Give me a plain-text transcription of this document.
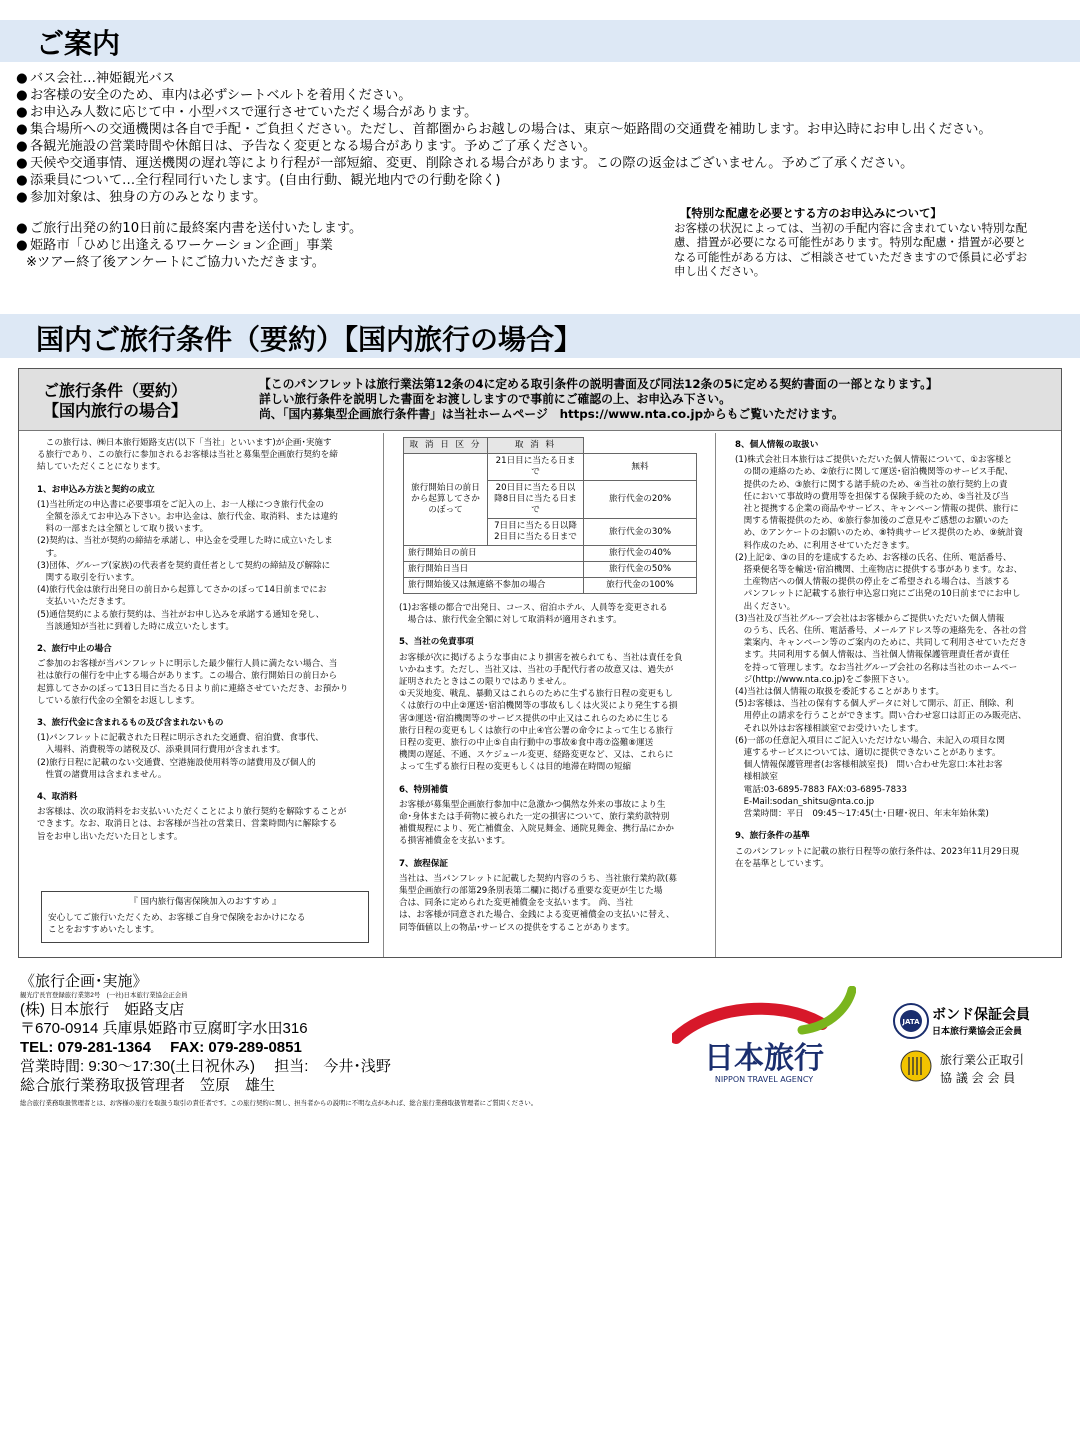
ご案内
● バス会社…神姫観光バス
● お客様の安全のため、車内は必ずシートベルトを着用ください。
● お申込み人数に応じて中・小型バスで運行させていただく場合があります。
● 集合場所への交通機関は各自で手配・ご負担ください。ただし、首都圏からお越しの場合は、東京～姫路間の交通費を補助します。お申込時にお申し出ください。
● 各観光施設の営業時間や休館日は、予告なく変更となる場合があります。予めご了承ください。
● 天候や交通事情、運送機関の遅れ等により行程が一部短縮、変更、削除される場合があります。この際の返金はございません。予めご了承ください。
● 添乗員について…全行程同行いたします。(自由行動、観光地内での行動を除く)
● 参加対象は、独身の方のみとなります。
● ご旅行出発の約10日前に最終案内書を送付いたします。
● 姫路市「ひめじ出逢えるワーケーション企画」事業
※ツアー終了後アンケートにご協力いただきます。
【特別な配慮を必要とする方のお申込みについて】
お客様の状況によっては、当初の手配内容に含まれていない特別な配
慮、措置が必要になる可能性があります。特別な配慮・措置が必要と
なる可能性がある方は、ご相談させていただきますので係員に必ずお
申し出ください。
国内ご旅行条件（要約）【国内旅行の場合】
ご旅行条件（要約）
【国内旅行の場合】
【このパンフレットは旅行業法第12条の4に定める取引条件の説明書面及び同法12条の5に定める契約書面の一部となります。】
詳しい旅行条件を説明した書面をお渡ししますので事前にご確認の上、お申込み下さい。
尚、「国内募集型企画旅行条件書」は当社ホームページ　https://www.nta.co.jpからもご覧いただけます。
　この旅行は、㈱日本旅行姫路支店(以下「当社」といいます)が企画･実施す
る旅行であり、この旅行に参加されるお客様は当社と募集型企画旅行契約を締
結していただくことになります。

1、お申込み方法と契約の成立

(1)当社所定の申込書に必要事項をご記入の上、お一人様につき旅行代金の
　全額を添えてお申込み下さい。お申込金は、旅行代金、取消料、または違約
　料の一部または全額として取り扱います。
(2)契約は、当社が契約の締結を承諾し、申込金を受理した時に成立いたしま
　す。
(3)団体、グループ(家族)の代表者を契約責任者として契約の締結及び解除に
　関する取引を行います。
(4)旅行代金は旅行出発日の前日から起算してさかのぼって14日前までにお
　支払いいただきます。
(5)通信契約による旅行契約は、当社がお申し込みを承諾する通知を発し、
　当該通知が当社に到着した時に成立いたします。

2、旅行中止の場合

ご参加のお客様が当パンフレットに明示した最少催行人員に満たない場合、当
社は旅行の催行を中止する場合があります。この場合、旅行開始日の前日から
起算してさかのぼって13日目に当たる日より前に連絡させていただき、お預かり
している旅行代金の全額をお返しします。

3、旅行代金に含まれるもの及び含まれないもの

(1)パンフレットに記載された日程に明示された交通費、宿泊費、食事代、
　入場料、消費税等の諸税及び、添乗員同行費用が含まれます。
(2)旅行日程に記載のない交通費、空港施設使用料等の諸費用及び個人的
　性質の諸費用は含まれません。

4、取消料

お客様は、次の取消料をお支払いいただくことにより旅行契約を解除することが
できます。なお、取消日とは、お客様が当社の営業日、営業時間内に解除する
旨をお申し出いただいた日とします。
『 国内旅行傷害保険加入のおすすめ 』
安心してご旅行いただくため、お客様ご自身で保険をおかけになる
ことをおすすめいたします。
取 消 日 区 分	取 消 料	
旅行開始日の前日から起算してさかのぼって	21日目に当たる日まで	無料
	20日目に当たる日以降8日目に当たる日まで	旅行代金の20%
	7日目に当たる日以降2日目に当たる日まで	旅行代金の30%
旅行開始日の前日		旅行代金の40%
旅行開始日当日		旅行代金の50%
旅行開始後又は無連絡不参加の場合		旅行代金の100%
(1)お客様の都合で出発日、コース、宿泊ホテル、人員等を変更される
　場合は、旅行代金全額に対して取消料が適用されます。

5、当社の免責事項

お客様が次に掲げるような事由により損害を被られても、当社は責任を負
いかねます。ただし、当社又は、当社の手配代行者の故意又は、過失が
証明されたときはこの限りではありません。
①天災地変、戦乱、暴動又はこれらのために生ずる旅行日程の変更もし
くは旅行の中止②運送･宿泊機関等の事故もしくは火災により発生する損
害③運送･宿泊機関等のサービス提供の中止又はこれらのために生じる
旅行日程の変更もしくは旅行の中止④官公署の命令によって生じる旅行
日程の変更、旅行の中止⑤自由行動中の事故⑥食中毒⑦盗難⑧運送
機関の遅延、不通、スケジュール変更、経路変更など、又は、これらに
よって生ずる旅行日程の変更もしくは目的地滞在時間の短縮

6、特別補償

お客様が募集型企画旅行参加中に急激かつ偶然な外来の事故により生
命･身体または手荷物に被られた一定の損害について、旅行業約款特別
補償規程により、死亡補償金、入院見舞金、通院見舞金、携行品にかか
る損害補償金を支払います。

7、旅程保証

当社は、当パンフレットに記載した契約内容のうち、当社旅行業約款(募
集型企画旅行の部第29条別表第二欄)に掲げる重要な変更が生じた場
合は、同条に定められた変更補償金を支払います。 尚、当社
は、お客様が同意された場合、金銭による変更補償金の支払いに替え、
同等価値以上の物品･サービスの提供をすることがあります。

8、個人情報の取扱い

(1)株式会社日本旅行はご提供いただいた個人情報について、①お客様と
　の間の連絡のため、②旅行に関して運送･宿泊機関等のサービス手配、
　提供のため、③旅行に関する諸手続のため、④当社の旅行契約上の責
　任において事故時の費用等を担保する保険手続のため、⑤当社及び当
　社と提携する企業の商品やサービス、キャンペーン情報の提供、旅行に
　関する情報提供のため、⑥旅行参加後のご意見やご感想のお願いのた
　め、⑦アンケートのお願いのため、⑧特典サービス提供のため、⑨統計資
　料作成のため、に利用させていただきます。
(2)上記②、③の目的を達成するため、お客様の氏名、住所、電話番号、
　搭乗便名等を輸送･宿泊機関、土産物店に提供する事があります。なお、
　土産物店への個人情報の提供の停止をご希望される場合は、当該する
　パンフレットに記載する旅行申込窓口宛にご出発の10日前までにお申し
　出ください。
(3)当社及び当社グループ会社はお客様からご提供いただいた個人情報
　のうち、氏名、住所、電話番号、メールアドレス等の連絡先を、各社の営
　業案内、キャンペーン等のご案内のために、共同して利用させていただき
　ます。共同利用する個人情報は、当社個人情報保護管理責任者が責任
　を持って管理します。なお当社グループ会社の名称は当社のホームペー
　ジ(http://www.nta.co.jp)をご参照下さい。
(4)当社は個人情報の取扱を委託することがあります。
(5)お客様は、当社の保有する個人データに対して開示、訂正、削除、利
　用停止の請求を行うことができます。問い合わせ窓口は訂正のみ販売店、
　それ以外はお客様相談室でお受けいたします。
(6)一部の任意記入項目にご記入いただけない場合、未記入の項目な関
　連するサービスについては、適切に提供できないことがあります。
　個人情報保護管理者(お客様相談室長)　問い合わせ先窓口:本社お客
　様相談室
　電話:03-6895-7883 FAX:03-6895-7833
　E-Mail:sodan_shitsu@nta.co.jp
　営業時間：平日　09:45～17:45(土･日曜･祝日、年末年始休業)

9、旅行条件の基準

このパンフレットに記載の旅行日程等の旅行条件は、2023年11月29日現
在を基準としています。
《旅行企画･実施》
観光庁長官登録旅行業第2号　(一社)日本旅行業協会正会員
(株) 日本旅行　姫路支店
〒670-0914 兵庫県姫路市豆腐町字水田316
TEL: 079-281-1364　 FAX: 079-289-0851
営業時間: 9:30～17:30(土日祝休み)　 担当:　今井･浅野
総合旅行業務取扱管理者　笠原　雄生
総合旅行業務取扱管理者とは、お客様の旅行を取扱う取引の責任者です。この旅行契約に関し、担当者からの説明に不明な点があれば、総合旅行業務取扱管理者にご質問ください。
日本旅行
NIPPON TRAVEL AGENCY
JATA ボンド保証会員
日本旅行業協会正会員
旅行業公正取引
協 議 会 会 員
